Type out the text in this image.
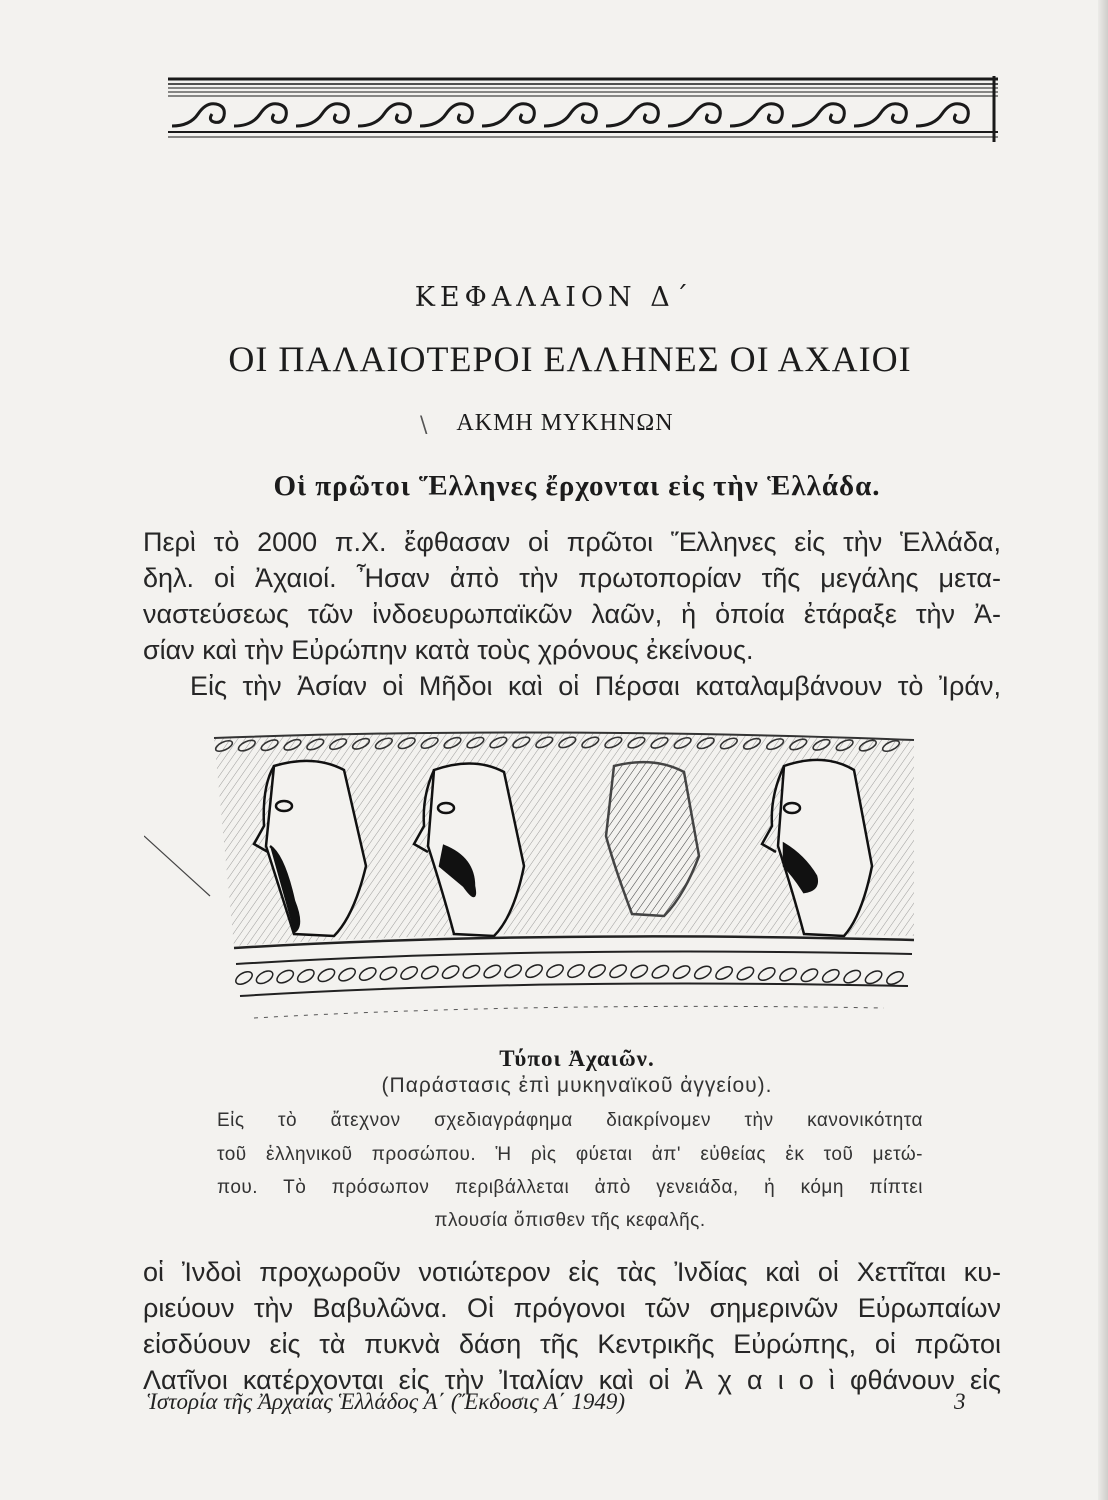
ΚΕΦΑΛΑΙΟΝ Δ΄
ΟΙ ΠΑΛΑΙΟΤΕΡΟΙ ΕΛΛΗΝΕΣ ΟΙ ΑΧΑΙΟΙ
\	ΑΚΜΗ ΜΥΚΗΝΩΝ
Οἱ πρῶτοι Ἕλληνες ἔρχονται εἰς τὴν Ἑλλάδα.
Περὶ τὸ 2000 π.Χ. ἔφθασαν οἱ πρῶτοι Ἕλληνες εἰς τὴν Ἑλλάδα,
δηλ. οἱ Ἀχαιοί. Ἦσαν ἀπὸ τὴν πρωτοπορίαν τῆς μεγάλης μετα-
ναστεύσεως τῶν ἰνδοευρωπαϊκῶν λαῶν, ἡ ὁποία ἐτάραξε τὴν Ἀ-
σίαν καὶ τὴν Εὐρώπην κατὰ τοὺς χρόνους ἐκείνους.
Εἰς τὴν Ἀσίαν οἱ Μῆδοι καὶ οἱ Πέρσαι καταλαμβάνουν τὸ Ἰράν,
Τύποι Ἀχαιῶν.
(Παράστασις ἐπὶ μυκηναϊκοῦ ἀγγείου).
Εἰς τὸ ἄτεχνον σχεδιαγράφημα διακρίνομεν τὴν κανονικότητα
τοῦ ἑλληνικοῦ προσώπου. Ἡ ρὶς φύεται ἀπ' εὐθείας ἐκ τοῦ μετώ-
που. Τὸ πρόσωπον περιβάλλεται ἀπὸ γενειάδα, ἡ κόμη πίπτει
πλουσία ὄπισθεν τῆς κεφαλῆς.
οἱ Ἰνδοὶ προχωροῦν νοτιώτερον εἰς τὰς Ἰνδίας καὶ οἱ Χεττῖται κυ-
ριεύουν τὴν Βαβυλῶνα. Οἱ πρόγονοι τῶν σημερινῶν Εὐρωπαίων
εἰσδύουν εἰς τὰ πυκνὰ δάση τῆς Κεντρικῆς Εὐρώπης, οἱ πρῶτοι
Λατῖνοι κατέρχονται εἰς τὴν Ἰταλίαν καὶ οἱ Ἀ χ α ι ο ὶ φθάνουν εἰς
Ἱστορία τῆς Ἀρχαίας Ἑλλάδος Α΄ (Ἔκδοσις Α΄ 1949)	3
